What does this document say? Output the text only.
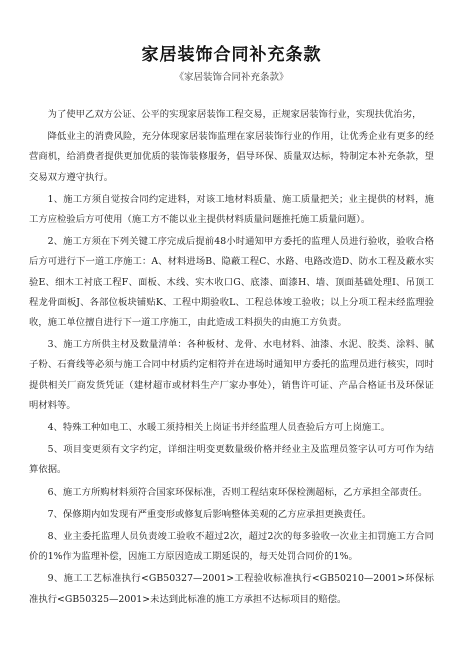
家居装饰合同补充条款
《家居装饰合同补充条款》

为了使甲乙双方公证、公平的实现家居装饰工程交易，正规家居装饰行业，实现扶优治劣，

降低业主的消费风险，充分体现家居装饰监理在家居装饰行业的作用，让优秀企业有更多的经营商机，给消费者提供更加优质的装饰装修服务，倡导环保、质量双达标，特制定本补充条款，望交易双方遵守执行。

1、施工方须自觉按合同约定进料，对该工地材料质量、施工质量把关；业主提供的材料，施工方应检验后方可使用（施工方不能以业主提供材料质量问题推托施工质量问题）。

2、施工方须在下列关键工序完成后提前48小时通知甲方委托的监理人员进行验收，验收合格后方可进行下一道工序施工：A、材料进场B、隐蔽工程C、水路、电路改造D、防水工程及蔽水实验E、细木工衬底工程F、面板、木线、实木收口G、底漆、面漆H、墙、顶面基础处理I、吊顶工程龙骨面板J、各部位板块铺贴K、工程中期验收L、工程总体竣工验收；以上分项工程未经监理验收，施工单位擅自进行下一道工序施工，由此造成工料损失的由施工方负责。

3、施工方所供主材及数量清单：各种板材、龙骨、水电材料、油漆、水泥、胶类、涂料、腻子粉、石膏线等必须与施工合同中材质约定相符并在进场时通知甲方委托的监理员进行核实，同时提供相关厂商发货凭证（建材超市或材料生产厂家办事处），销售许可证、产品合格证书及环保证明材料等。

4、特殊工种如电工、水暖工须持相关上岗证书并经监理人员查验后方可上岗施工。

5、项目变更须有文字约定，详细注明变更数量级价格并经业主及监理员签字认可方可作为结算依据。

6、施工方所购材料须符合国家环保标准，否则工程结束环保检测超标，乙方承担全部责任。

7、保修期内如发现有严重变形或修复后影响整体美观的乙方应承担更换责任。

8、业主委托监理人员负责竣工验收不超过2次，超过2次的每多验收一次业主扣罚施工方合同价的1%作为监理补偿，因施工方原因造成工期延误的，每天处罚合同价的1%。

9、施工工艺标准执行<GB50327—2001>工程验收标准执行<GB50210—2001>环保标准执行<GB50325—2001>未达到此标准的施工方承担不达标项目的赔偿。
